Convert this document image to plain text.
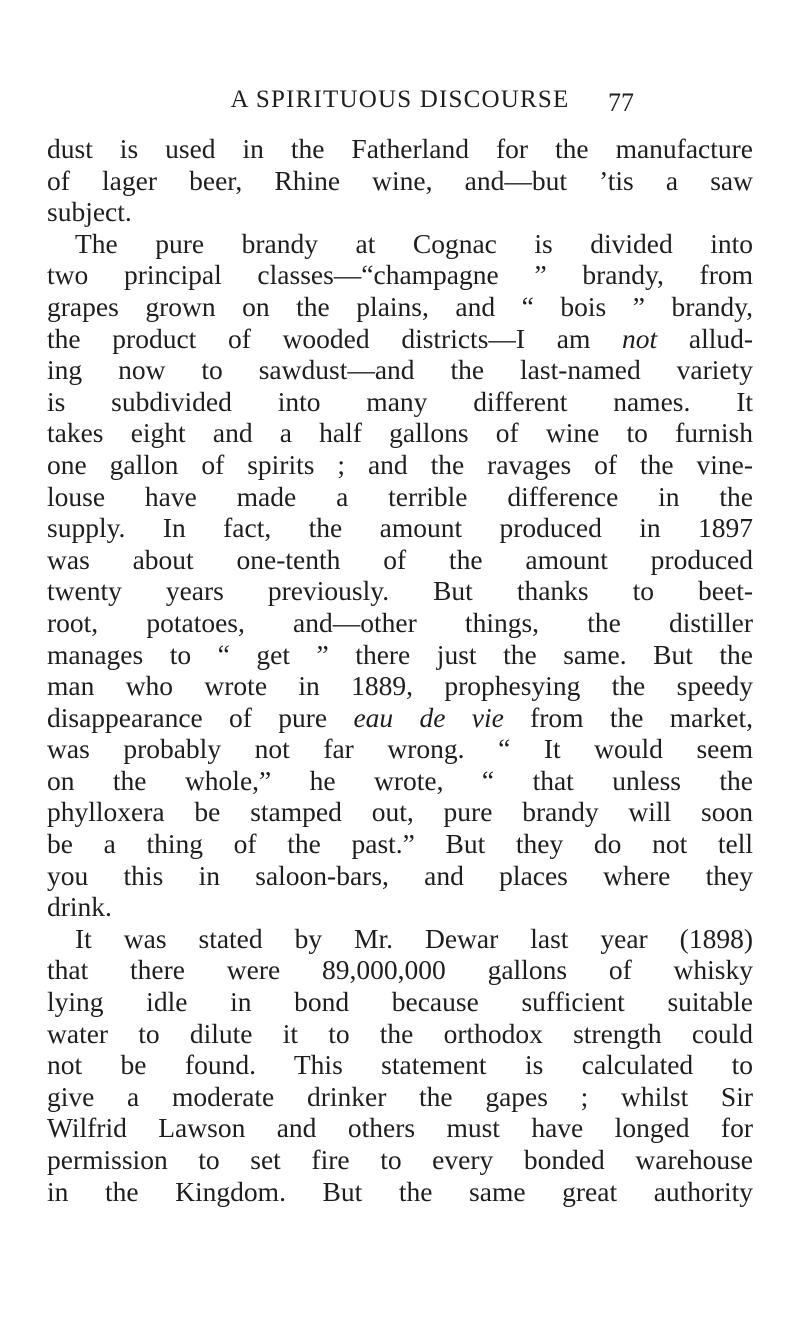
A SPIRITUOUS DISCOURSE	77
dust is used in the Fatherland for the manufacture
of lager beer, Rhine wine, and—but ’tis a saw
subject.
The pure brandy at Cognac is divided into
two principal classes—“champagne ” brandy, from
grapes grown on the plains, and “ bois ” brandy,
the product of wooded districts—I am not allud-
ing now to sawdust—and the last-named variety
is subdivided into many different names. It
takes eight and a half gallons of wine to furnish
one gallon of spirits ; and the ravages of the vine-
louse have made a terrible difference in the
supply. In fact, the amount produced in 1897
was about one-tenth of the amount produced
twenty years previously. But thanks to beet-
root, potatoes, and—other things, the distiller
manages to “ get ” there just the same. But the
man who wrote in 1889, prophesying the speedy
disappearance of pure eau de vie from the market,
was probably not far wrong. “ It would seem
on the whole,” he wrote, “ that unless the
phylloxera be stamped out, pure brandy will soon
be a thing of the past.” But they do not tell
you this in saloon-bars, and places where they
drink.
It was stated by Mr. Dewar last year (1898)
that there were 89,000,000 gallons of whisky
lying idle in bond because sufficient suitable
water to dilute it to the orthodox strength could
not be found. This statement is calculated to
give a moderate drinker the gapes ; whilst Sir
Wilfrid Lawson and others must have longed for
permission to set fire to every bonded warehouse
in the Kingdom. But the same great authority
